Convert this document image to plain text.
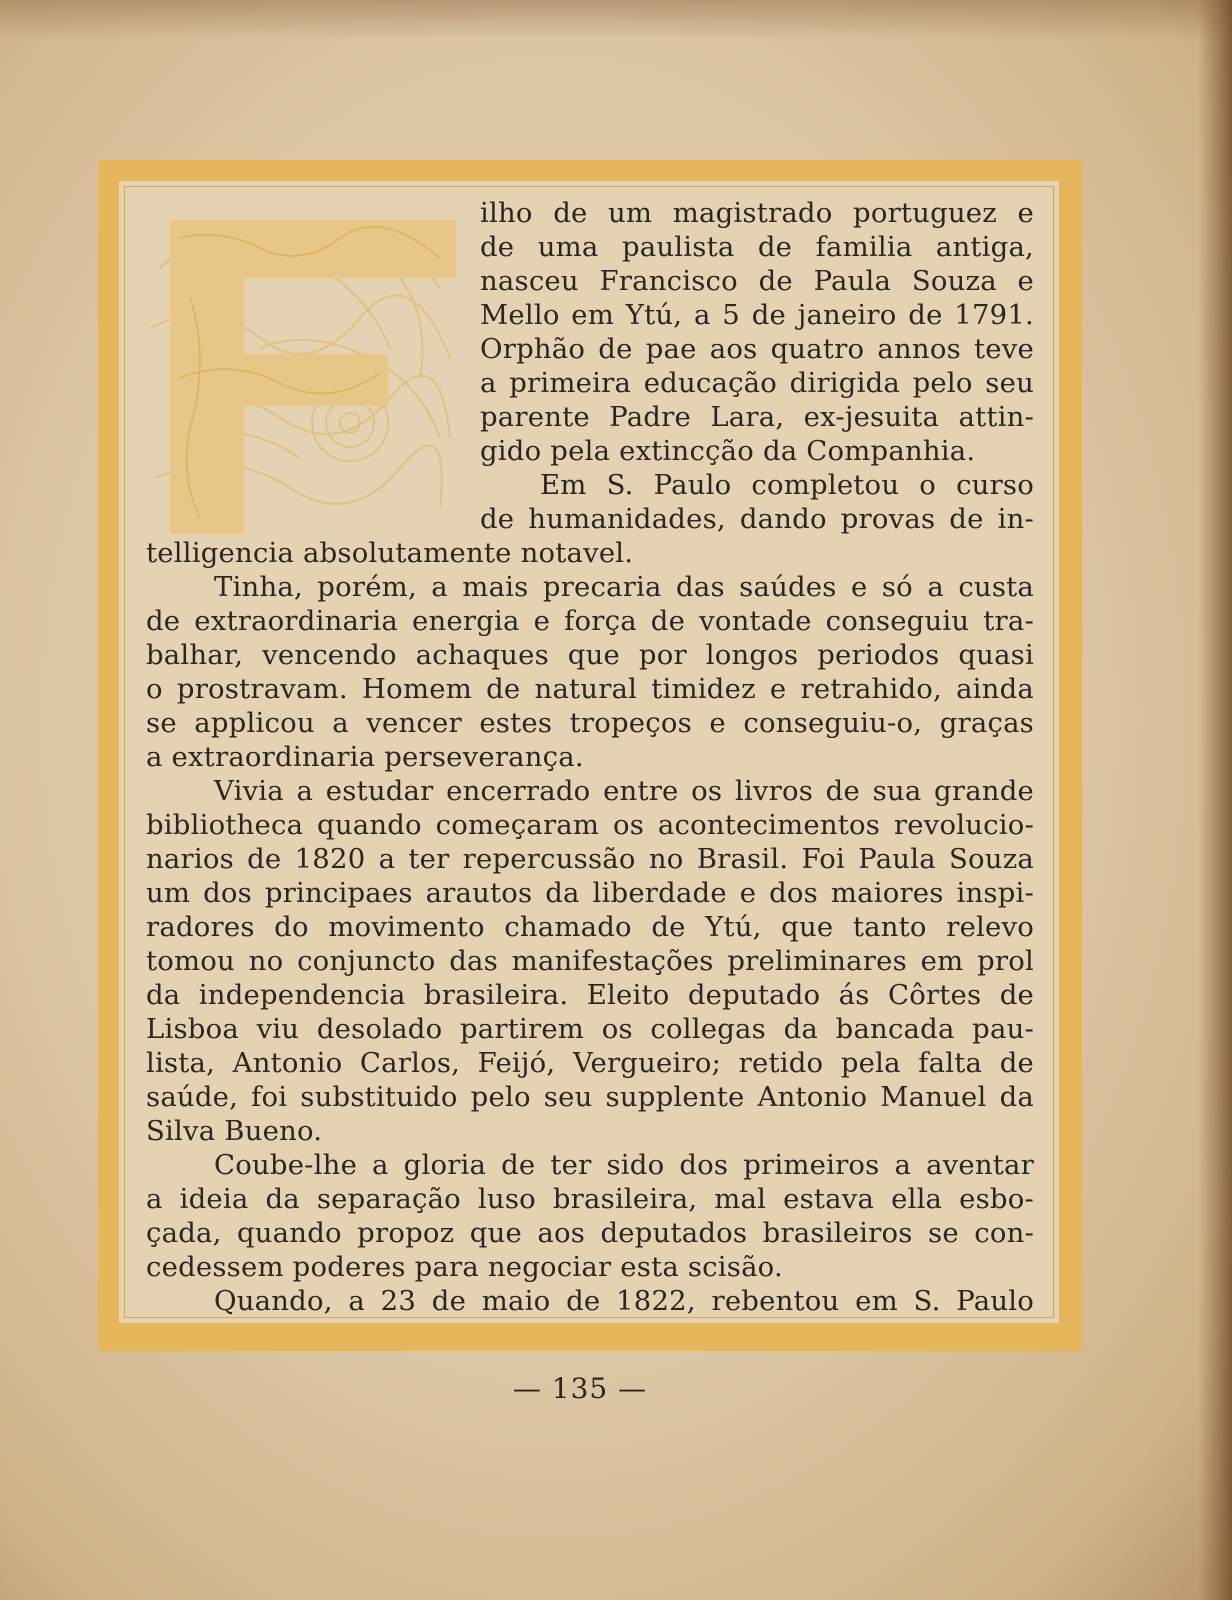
ilho de um magistrado portuguez e

de uma paulista de familia antiga,

nasceu Francisco de Paula Souza e

Mello em Ytú, a 5 de janeiro de 1791.

Orphão de pae aos quatro annos teve

a primeira educação dirigida pelo seu

parente Padre Lara, ex-jesuita attin-

gido pela extincção da Companhia.

Em S. Paulo completou o curso

de humanidades, dando provas de in-

telligencia absolutamente notavel.

Tinha, porém, a mais precaria das saúdes e só a custa

de extraordinaria energia e força de vontade conseguiu tra-

balhar, vencendo achaques que por longos periodos quasi

o prostravam. Homem de natural timidez e retrahido, ainda

se applicou a vencer estes tropeços e conseguiu-o, graças

a extraordinaria perseverança.

Vivia a estudar encerrado entre os livros de sua grande

bibliotheca quando começaram os acontecimentos revolucio-

narios de 1820 a ter repercussão no Brasil. Foi Paula Souza

um dos principaes arautos da liberdade e dos maiores inspi-

radores do movimento chamado de Ytú, que tanto relevo

tomou no conjuncto das manifestações preliminares em prol

da independencia brasileira. Eleito deputado ás Côrtes de

Lisboa viu desolado partirem os collegas da bancada pau-

lista, Antonio Carlos, Feijó, Vergueiro; retido pela falta de

saúde, foi substituido pelo seu supplente Antonio Manuel da

Silva Bueno.

Coube-lhe a gloria de ter sido dos primeiros a aventar

a ideia da separação luso brasileira, mal estava ella esbo-

çada, quando propoz que aos deputados brasileiros se con-

cedessem poderes para negociar esta scisão.

Quando, a 23 de maio de 1822, rebentou em S. Paulo

— 135 —
